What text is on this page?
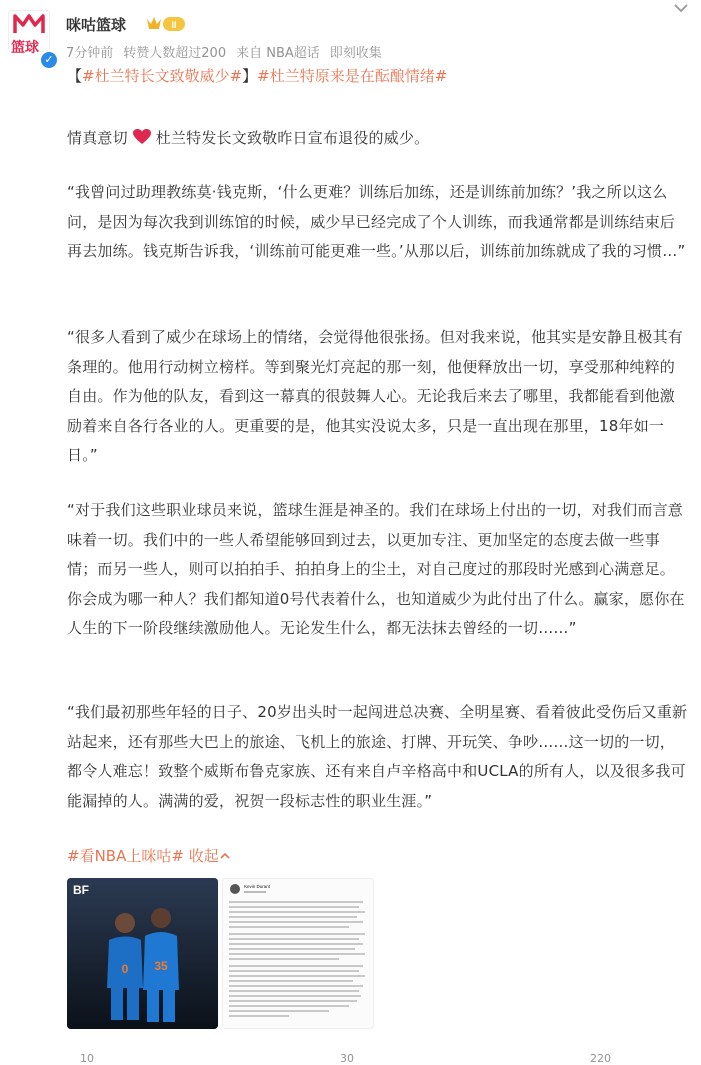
篮球
✓
咪咕篮球	II
7分钟前 转赞人数超过200 来自 NBA超话 即刻收集
【#杜兰特长文致敬威少#】#杜兰特原来是在酝酿情绪#
情真意切 杜兰特发长文致敬昨日宣布退役的威少。
“我曾问过助理教练莫·钱克斯，‘什么更难？训练后加练，还是训练前加练？’我之所以这么问，是因为每次我到训练馆的时候，威少早已经完成了个人训练，而我通常都是训练结束后再去加练。钱克斯告诉我，‘训练前可能更难一些。’从那以后，训练前加练就成了我的习惯…”
“很多人看到了威少在球场上的情绪，会觉得他很张扬。但对我来说，他其实是安静且极其有条理的。他用行动树立榜样。等到聚光灯亮起的那一刻，他便释放出一切，享受那种纯粹的自由。作为他的队友，看到这一幕真的很鼓舞人心。无论我后来去了哪里，我都能看到他激励着来自各行各业的人。更重要的是，他其实没说太多，只是一直出现在那里，18年如一日。”
“对于我们这些职业球员来说，篮球生涯是神圣的。我们在球场上付出的一切，对我们而言意味着一切。我们中的一些人希望能够回到过去，以更加专注、更加坚定的态度去做一些事情；而另一些人，则可以拍拍手、拍拍身上的尘土，对自己度过的那段时光感到心满意足。你会成为哪一种人？我们都知道0号代表着什么，也知道威少为此付出了什么。赢家，愿你在人生的下一阶段继续激励他人。无论发生什么，都无法抹去曾经的一切……”
“我们最初那些年轻的日子、20岁出头时一起闯进总决赛、全明星赛、看着彼此受伤后又重新站起来，还有那些大巴上的旅途、飞机上的旅途、打牌、开玩笑、争吵……这一切的一切，都令人难忘！致整个威斯布鲁克家族、还有来自卢辛格高中和UCLA的所有人，以及很多我可能漏掉的人。满满的爱，祝贺一段标志性的职业生涯。”
#看NBA上咪咕# 收起
BF
0 35
Kevin Durant
10	30	220
